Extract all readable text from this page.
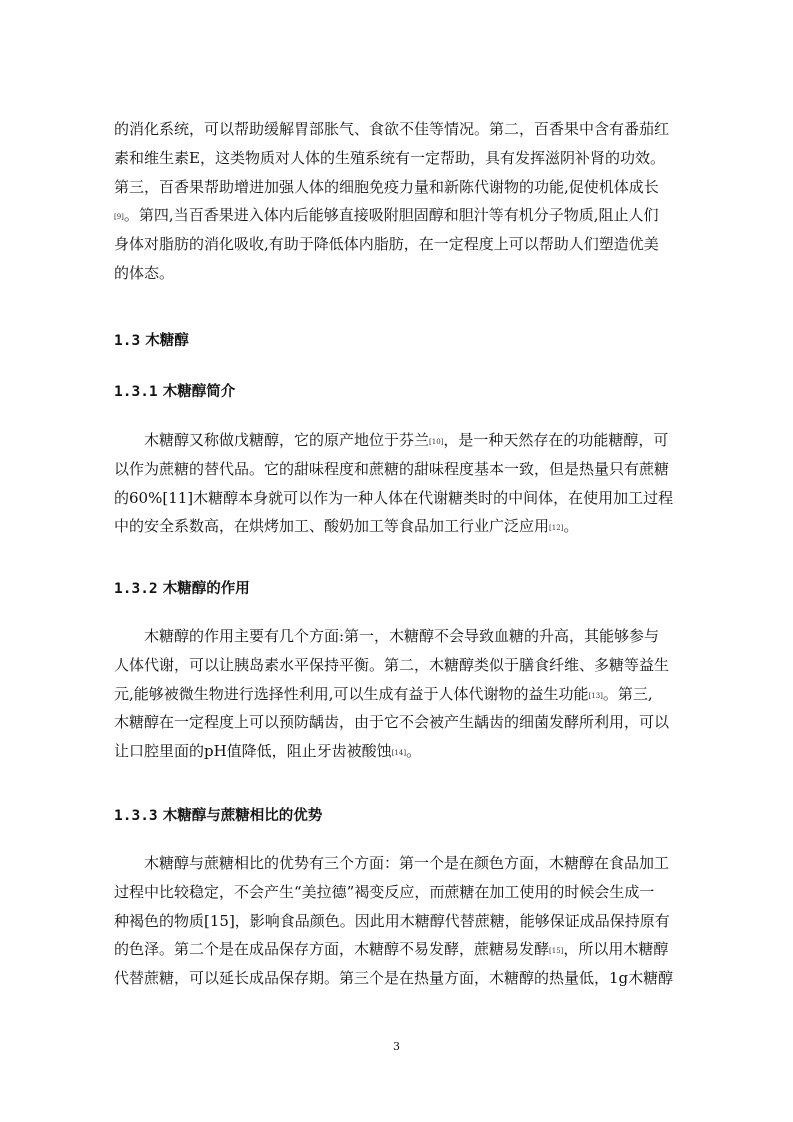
的消化系统，可以帮助缓解胃部胀气、食欲不佳等情况。第二，百香果中含有番茄红
素和维生素E，这类物质对人体的生殖系统有一定帮助，具有发挥滋阴补肾的功效。
第三，百香果帮助增进加强人体的细胞免疫力量和新陈代谢物的功能,促使机体成长
[9]。第四,当百香果进入体内后能够直接吸附胆固醇和胆汁等有机分子物质,阻止人们
身体对脂肪的消化吸收,有助于降低体内脂肪，在一定程度上可以帮助人们塑造优美
的体态。
1.3 木糖醇
1.3.1 木糖醇简介
　　木糖醇又称做戊糖醇，它的原产地位于芬兰[10]，是一种天然存在的功能糖醇，可
以作为蔗糖的替代品。它的甜味程度和蔗糖的甜味程度基本一致，但是热量只有蔗糖
的60%[11]木糖醇本身就可以作为一种人体在代谢糖类时的中间体，在使用加工过程
中的安全系数高，在烘烤加工、酸奶加工等食品加工行业广泛应用[12]。
1.3.2 木糖醇的作用
　　木糖醇的作用主要有几个方面:第一，木糖醇不会导致血糖的升高，其能够参与
人体代谢，可以让胰岛素水平保持平衡。第二，木糖醇类似于膳食纤维、多糖等益生
元,能够被微生物进行选择性利用,可以生成有益于人体代谢物的益生功能[13]。第三,
木糖醇在一定程度上可以预防龋齿，由于它不会被产生龋齿的细菌发酵所利用，可以
让口腔里面的pH值降低，阻止牙齿被酸蚀[14]。
1.3.3 木糖醇与蔗糖相比的优势
　　木糖醇与蔗糖相比的优势有三个方面：第一个是在颜色方面，木糖醇在食品加工
过程中比较稳定，不会产生“美拉德”褐变反应，而蔗糖在加工使用的时候会生成一
种褐色的物质[15]，影响食品颜色。因此用木糖醇代替蔗糖，能够保证成品保持原有
的色泽。第二个是在成品保存方面，木糖醇不易发酵，蔗糖易发酵[15]，所以用木糖醇
代替蔗糖，可以延长成品保存期。第三个是在热量方面，木糖醇的热量低，1g木糖醇
3
